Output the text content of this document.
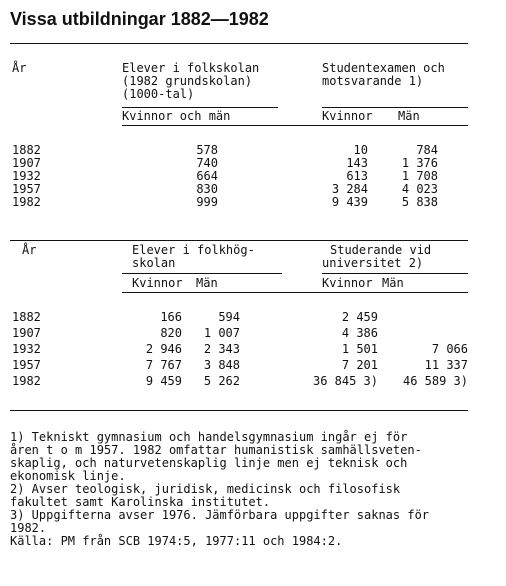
Vissa utbildningar 1882—1982
År	Elever i folkskolan
(1982 grundskolan)
(1000-tal)
Studentexamen och
motsvarande 1)
Kvinnor och män	Kvinnor Män
1882	578	10	784
1907	740	143	1 376
1932	664	613	1 708
1957	830	3 284	4 023
1982	999	9 439	5 838
År	Elever i folkhög-
skolan
Studerande vid
universitet 2)
Kvinnor Män	Kvinnor Män
1882	166	594	2 459
1907	820	1 007	4 386
1932	2 946	2 343	1 501	7 066
1957	7 767	3 848	7 201	11 337
1982	9 459	5 262	36 845 3)	46 589 3)
1) Tekniskt gymnasium och handelsgymnasium ingår ej för
åren t o m 1957. 1982 omfattar humanistisk samhällsveten-
skaplig, och naturvetenskaplig linje men ej teknisk och
ekonomisk linje.
2) Avser teologisk, juridisk, medicinsk och filosofisk
fakultet samt Karolinska institutet.
3) Uppgifterna avser 1976. Jämförbara uppgifter saknas för
1982.
Källa: PM från SCB 1974:5, 1977:11 och 1984:2.
